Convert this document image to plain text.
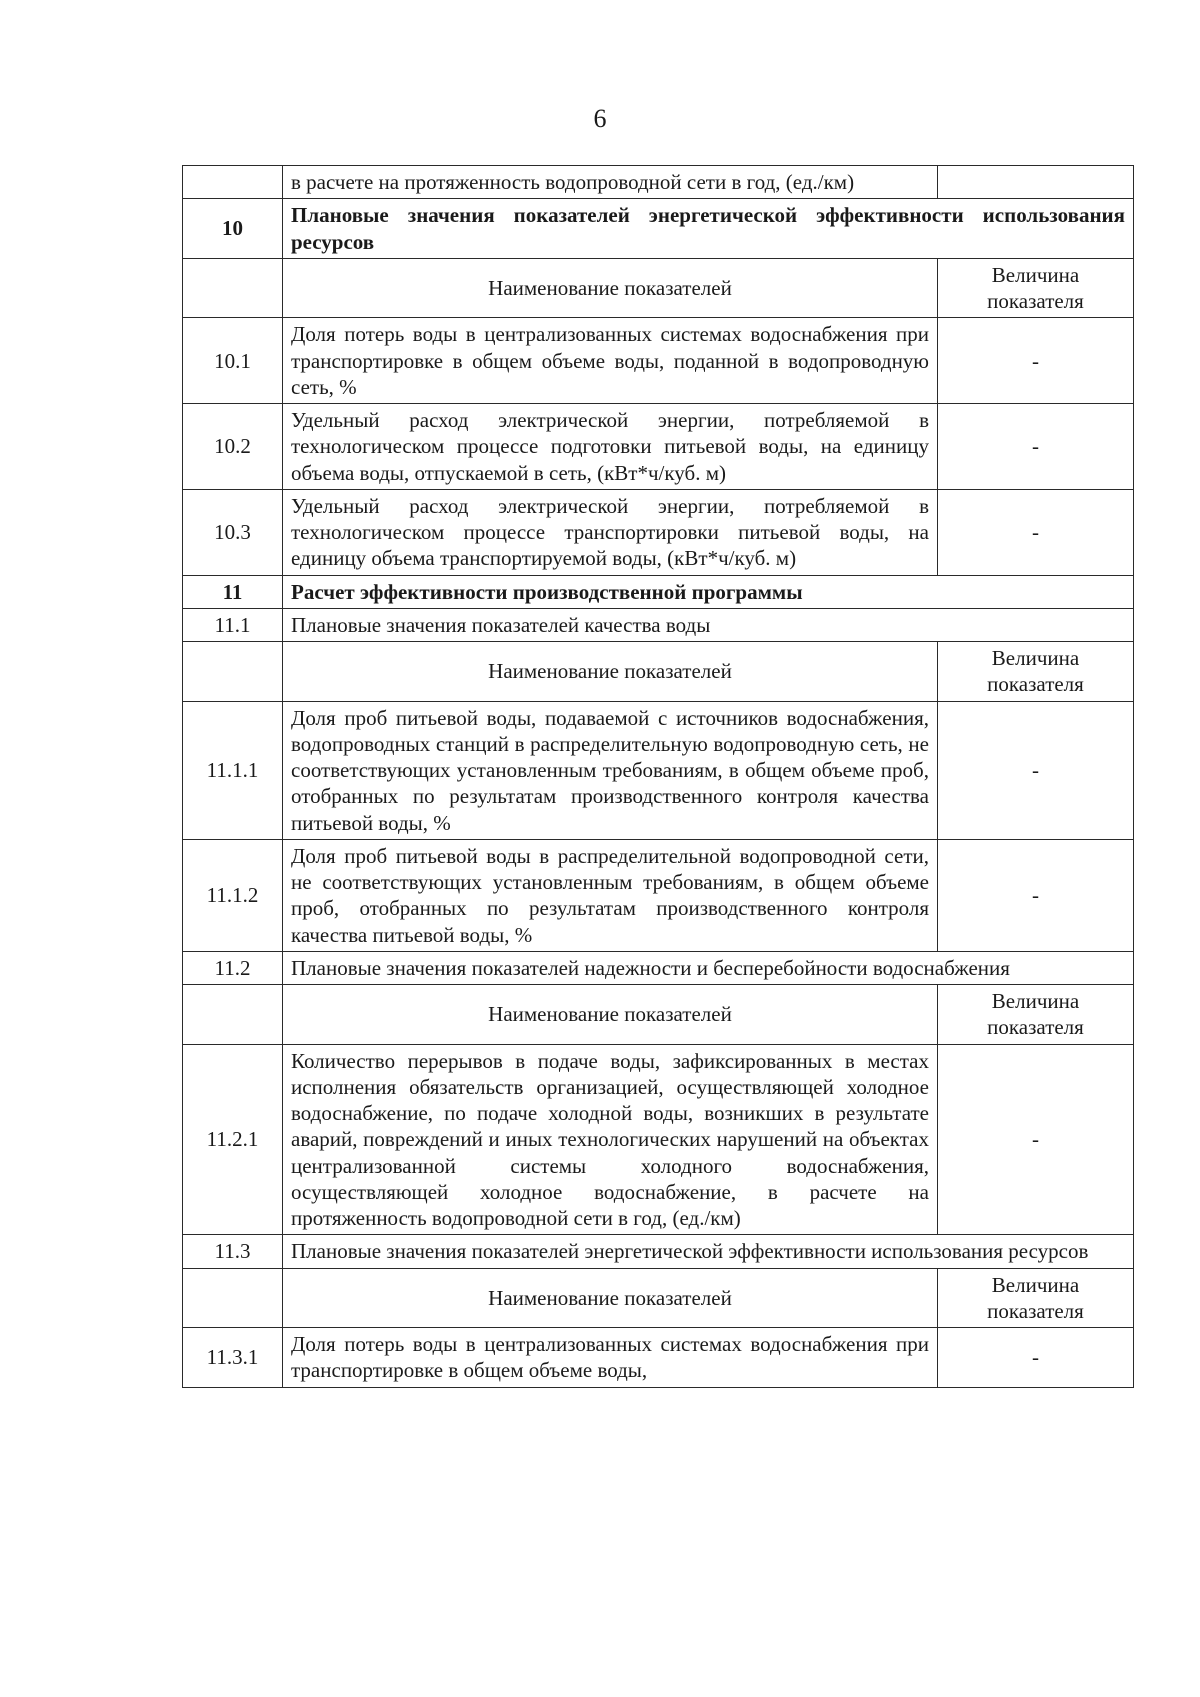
6
	в расчете на протяженность водопроводной сети в год, (ед./км)	
10	Плановые значения показателей энергетической эффективности использования ресурсов	
	Наименование показателей	Величина показателя
10.1	Доля потерь воды в централизованных системах водоснабжения при транспортировке в общем объеме воды, поданной в водопроводную сеть, %	-
10.2	Удельный расход электрической энергии, потребляемой в технологическом процессе подготовки питьевой воды, на единицу объема воды, отпускаемой в сеть, (кВт*ч/куб. м)	-
10.3	Удельный расход электрической энергии, потребляемой в технологическом процессе транспортировки питьевой воды, на единицу объема транспортируемой воды, (кВт*ч/куб. м)	-
11	Расчет эффективности производственной программы	
11.1	Плановые значения показателей качества воды	
	Наименование показателей	Величина показателя
11.1.1	Доля проб питьевой воды, подаваемой с источников водоснабжения, водопроводных станций в распределительную водопроводную сеть, не соответствующих установленным требованиям, в общем объеме проб, отобранных по результатам производственного контроля качества питьевой воды, %	-
11.1.2	Доля проб питьевой воды в распределительной водопроводной сети, не соответствующих установленным требованиям, в общем объеме проб, отобранных по результатам производственного контроля качества питьевой воды, %	-
11.2	Плановые значения показателей надежности и бесперебойности водоснабжения	
	Наименование показателей	Величина показателя
11.2.1	Количество перерывов в подаче воды, зафиксированных в местах исполнения обязательств организацией, осуществляющей холодное водоснабжение, по подаче холодной воды, возникших в результате аварий, повреждений и иных технологических нарушений на объектах централизованной системы холодного водоснабжения, осуществляющей холодное водоснабжение, в расчете на протяженность водопроводной сети в год, (ед./км)	-
11.3	Плановые значения показателей энергетической эффективности использования ресурсов	
	Наименование показателей	Величина показателя
11.3.1	Доля потерь воды в централизованных системах водоснабжения при транспортировке в общем объеме воды,	-
